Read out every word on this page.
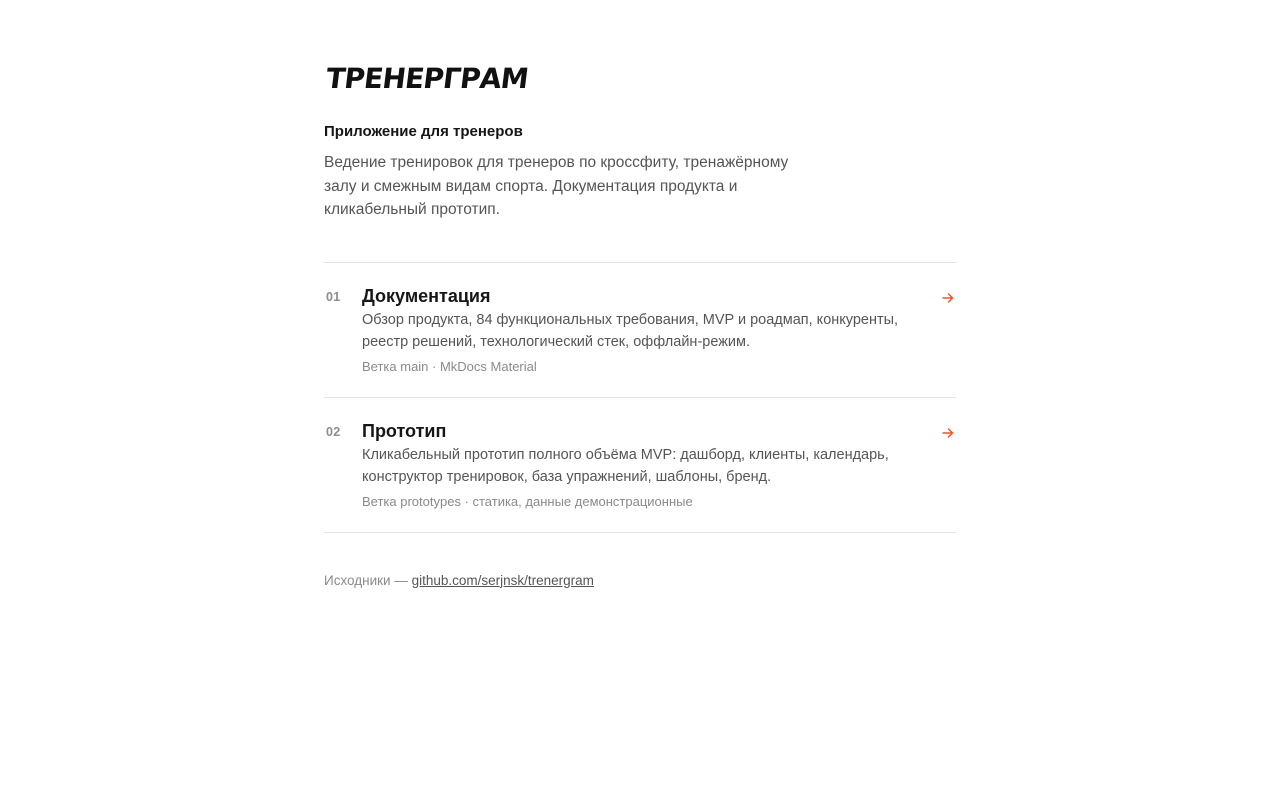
ТРЕНЕРГРАМ
Приложение для тренеров

Ведение тренировок для тренеров по кроссфиту, тренажёрному залу и смежным видам спорта. Документация продукта и кликабельный прототип.

01 Документация
Обзор продукта, 84 функциональных требования, MVP и роадмап, конкуренты, реестр решений, технологический стек, оффлайн-режим.
Ветка main · MkDocs Material
02 Прототип
Кликабельный прототип полного объёма MVP: дашборд, клиенты, календарь, конструктор тренировок, база упражнений, шаблоны, бренд.
Ветка prototypes · статика, данные демонстрационные

Исходники — github.com/serjnsk/trenergram
